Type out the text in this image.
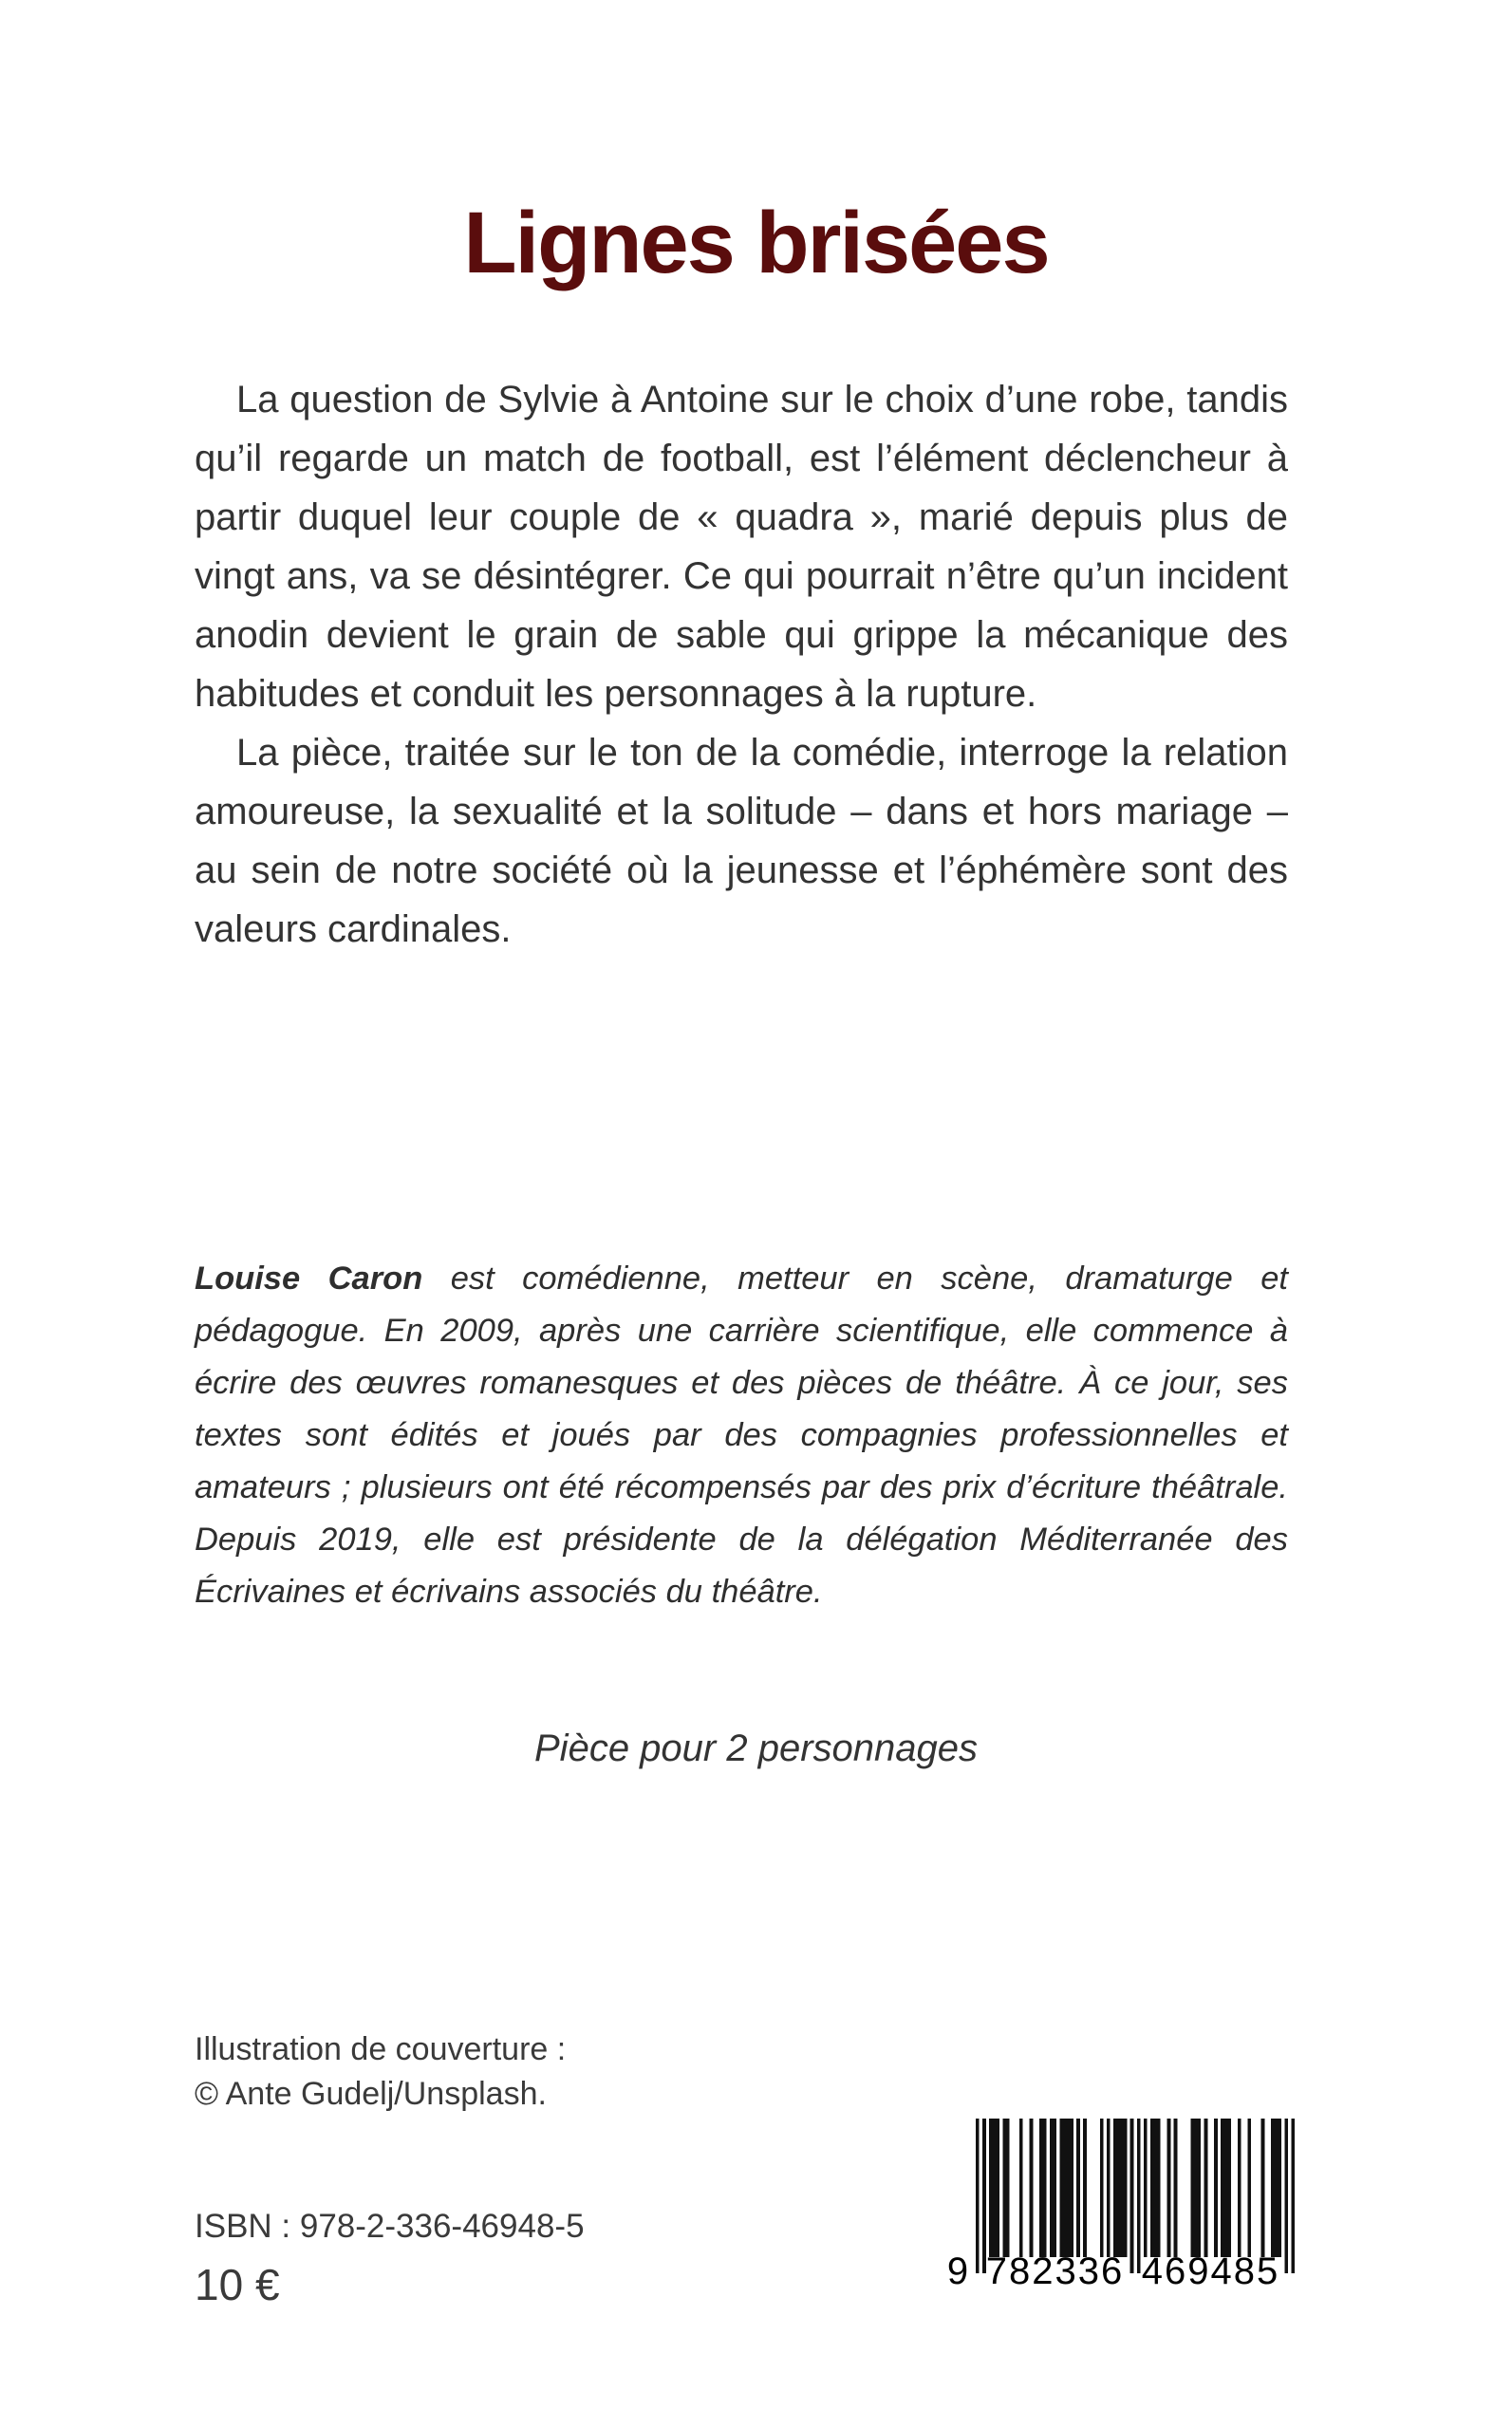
Lignes brisées

La question de Sylvie à Antoine sur le choix d’une robe, tandis qu’il regarde un match de football, est l’élément déclencheur à partir duquel leur couple de « quadra », marié depuis plus de vingt ans, va se désintégrer. Ce qui pourrait n’être qu’un incident anodin devient le grain de sable qui grippe la mécanique des habitudes et conduit les personnages à la rupture.

La pièce, traitée sur le ton de la comédie, interroge la relation amoureuse, la sexualité et la solitude – dans et hors mariage – au sein de notre société où la jeunesse et l’éphémère sont des valeurs cardinales.

Louise Caron est comédienne, metteur en scène, dramaturge et pédagogue. En 2009, après une carrière scientifique, elle commence à écrire des œuvres romanesques et des pièces de théâtre. À ce jour, ses textes sont édités et joués par des compagnies professionnelles et amateurs ; plusieurs ont été récompensés par des prix d’écriture théâtrale. Depuis 2019, elle est présidente de la délégation Méditerranée des Écrivaines et écrivains associés du théâtre.

Pièce pour 2 personnages
Illustration de couverture :
© Ante Gudelj/Unsplash.
ISBN : 978-2-336-46948-5
10 €	9 782336 469485
